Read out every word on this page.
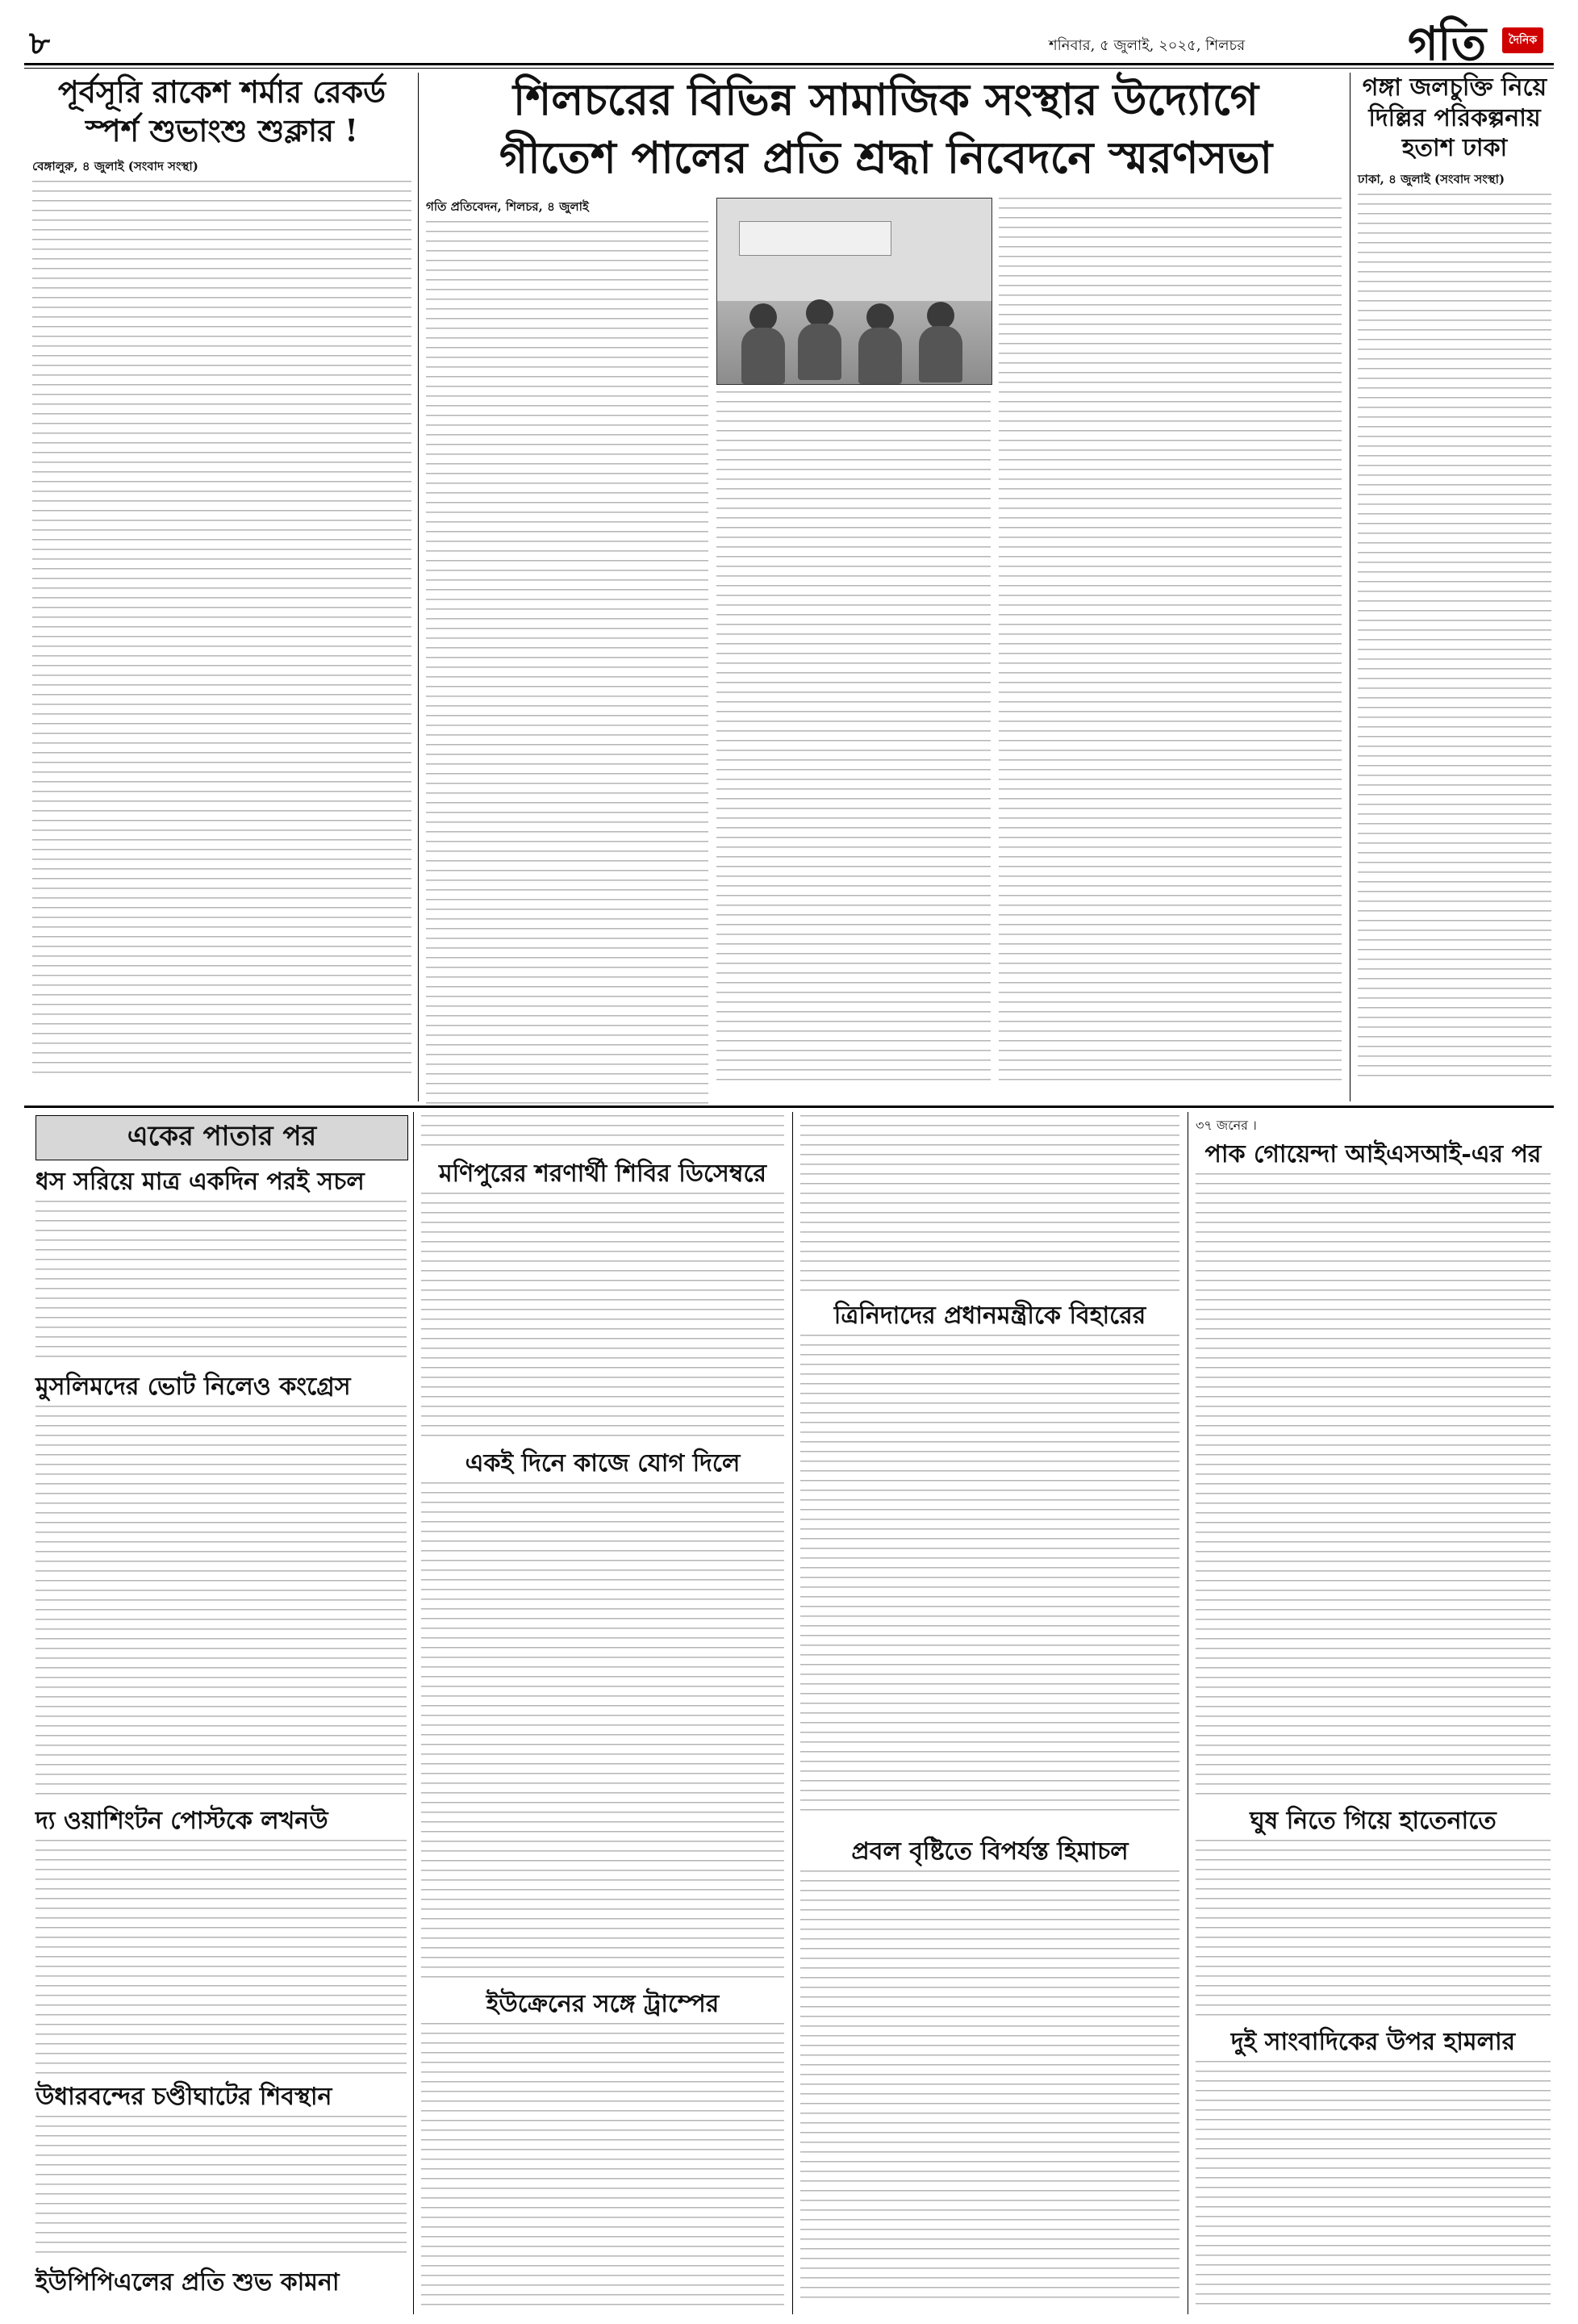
৮	শনিবার, ৫ জুলাই, ২০২৫, শিলচর	গতি	দৈনিক
পূর্বসূরি রাকেশ শর্মার রেকর্ড স্পর্শ শুভাংশু শুক্লার !
বেঙ্গালুরু, ৪ জুলাই (সংবাদ সংস্থা)
শিলচরের বিভিন্ন সামাজিক সংস্থার উদ্যোগে
গীতেশ পালের প্রতি শ্রদ্ধা নিবেদনে স্মরণসভা
গতি প্রতিবেদন, শিলচর, ৪ জুলাই
গঙ্গা জলচুক্তি নিয়ে দিল্লির পরিকল্পনায় হতাশ ঢাকা
ঢাকা, ৪ জুলাই (সংবাদ সংস্থা)
একের পাতার পর
ধস সরিয়ে মাত্র একদিন পরই সচল
মুসলিমদের ভোট নিলেও কংগ্রেস
দ্য ওয়াশিংটন পোস্টকে লখনউ
উধারবন্দের চণ্ডীঘাটের শিবস্থান
ইউপিপিএলের প্রতি শুভ কামনা
মণিপুরের শরণার্থী শিবির ডিসেম্বরে
একই দিনে কাজে যোগ দিলে
ইউক্রেনের সঙ্গে ট্রাম্পের
ত্রিনিদাদের প্রধানমন্ত্রীকে বিহারের
প্রবল বৃষ্টিতে বিপর্যস্ত হিমাচল
৩৭ জনের ।
পাক গোয়েন্দা আইএসআই-এর পর
ঘুষ নিতে গিয়ে হাতেনাতে
দুই সাংবাদিকের উপর হামলার
